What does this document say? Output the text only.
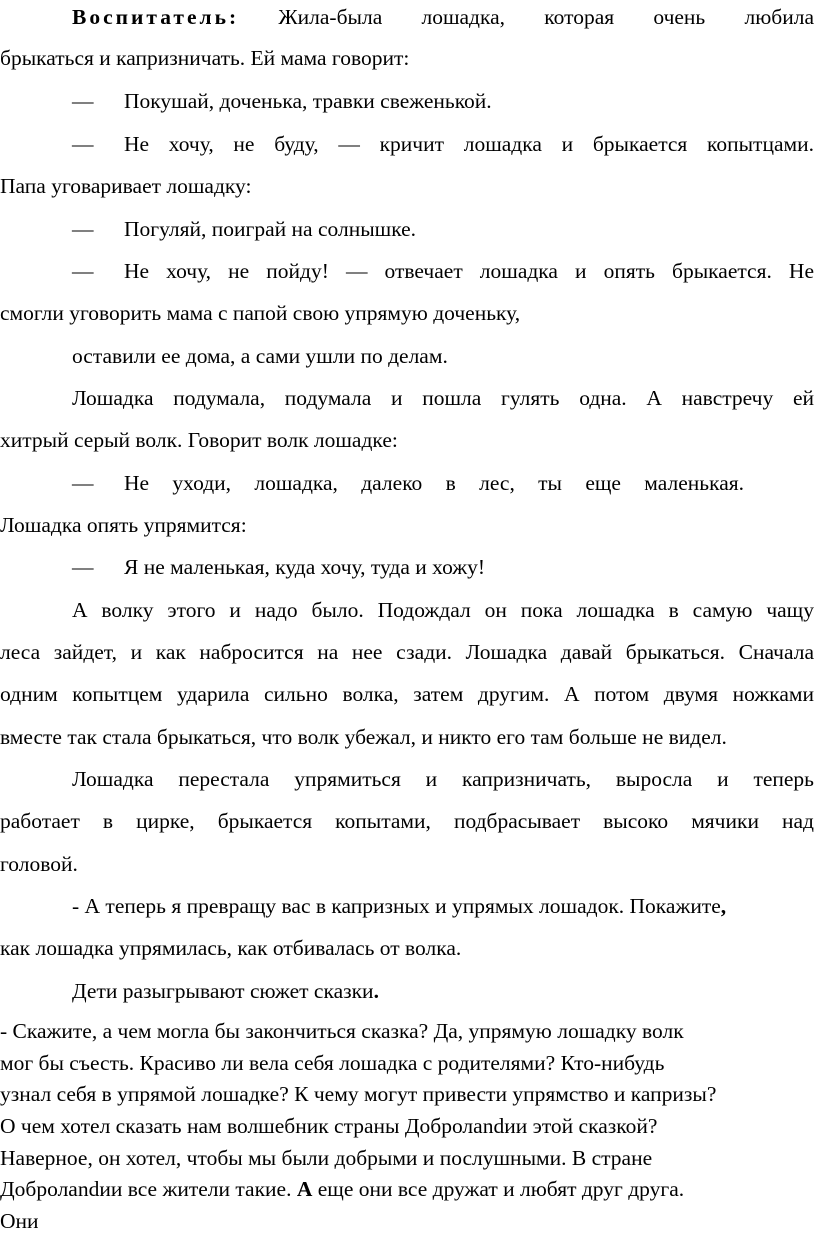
Воспитатель: Жила-была лошадка, которая очень любила
брыкаться и капризничать. Ей мама говорит:
— Покушай, доченька, травки свеженькой.
— Не хочу, не буду, — кричит лошадка и брыкается копытцами.
Папа уговаривает лошадку:
— Погуляй, поиграй на солнышке.
— Не хочу, не пойду! — отвечает лошадка и опять брыкается. Не
смогли уговорить мама с папой свою упрямую доченьку,
оставили ее дома, а сами ушли по делам.
Лошадка подумала, подумала и пошла гулять одна. А навстречу ей
хитрый серый волк. Говорит волк лошадке:
— Не уходи, лошадка, далеко в лес, ты еще маленькая.
Лошадка опять упрямится:
— Я не маленькая, куда хочу, туда и хожу!
А волку этого и надо было. Подождал он пока лошадка в самую чащу
леса зайдет, и как набросится на нее сзади. Лошадка давай брыкаться. Сначала
одним копытцем ударила сильно волка, затем другим. А потом двумя ножками
вместе так стала брыкаться, что волк убежал, и никто его там больше не видел.
Лошадка перестала упрямиться и капризничать, выросла и теперь
работает в цирке, брыкается копытами, подбрасывает высоко мячики над
головой.
- А теперь я превращу вас в капризных и упрямых лошадок. Покажите,
как лошадка упрямилась, как отбивалась от волка.
Дети разыгрывают сюжет сказки.
- Скажите, а чем могла бы закончиться сказка? Да, упрямую лошадку волк
мог бы съесть. Красиво ли вела себя лошадка с родителями? Кто-нибудь
узнал себя в упрямой лошадке? К чему могут привести упрямство и капризы?
О чем хотел сказать нам волшебник страны Добролandии этой сказкой?
Наверное, он хотел, чтобы мы были добрыми и послушными. В стране
Добролandии все жители такие. А еще они все дружат и любят друг друга.
Они
